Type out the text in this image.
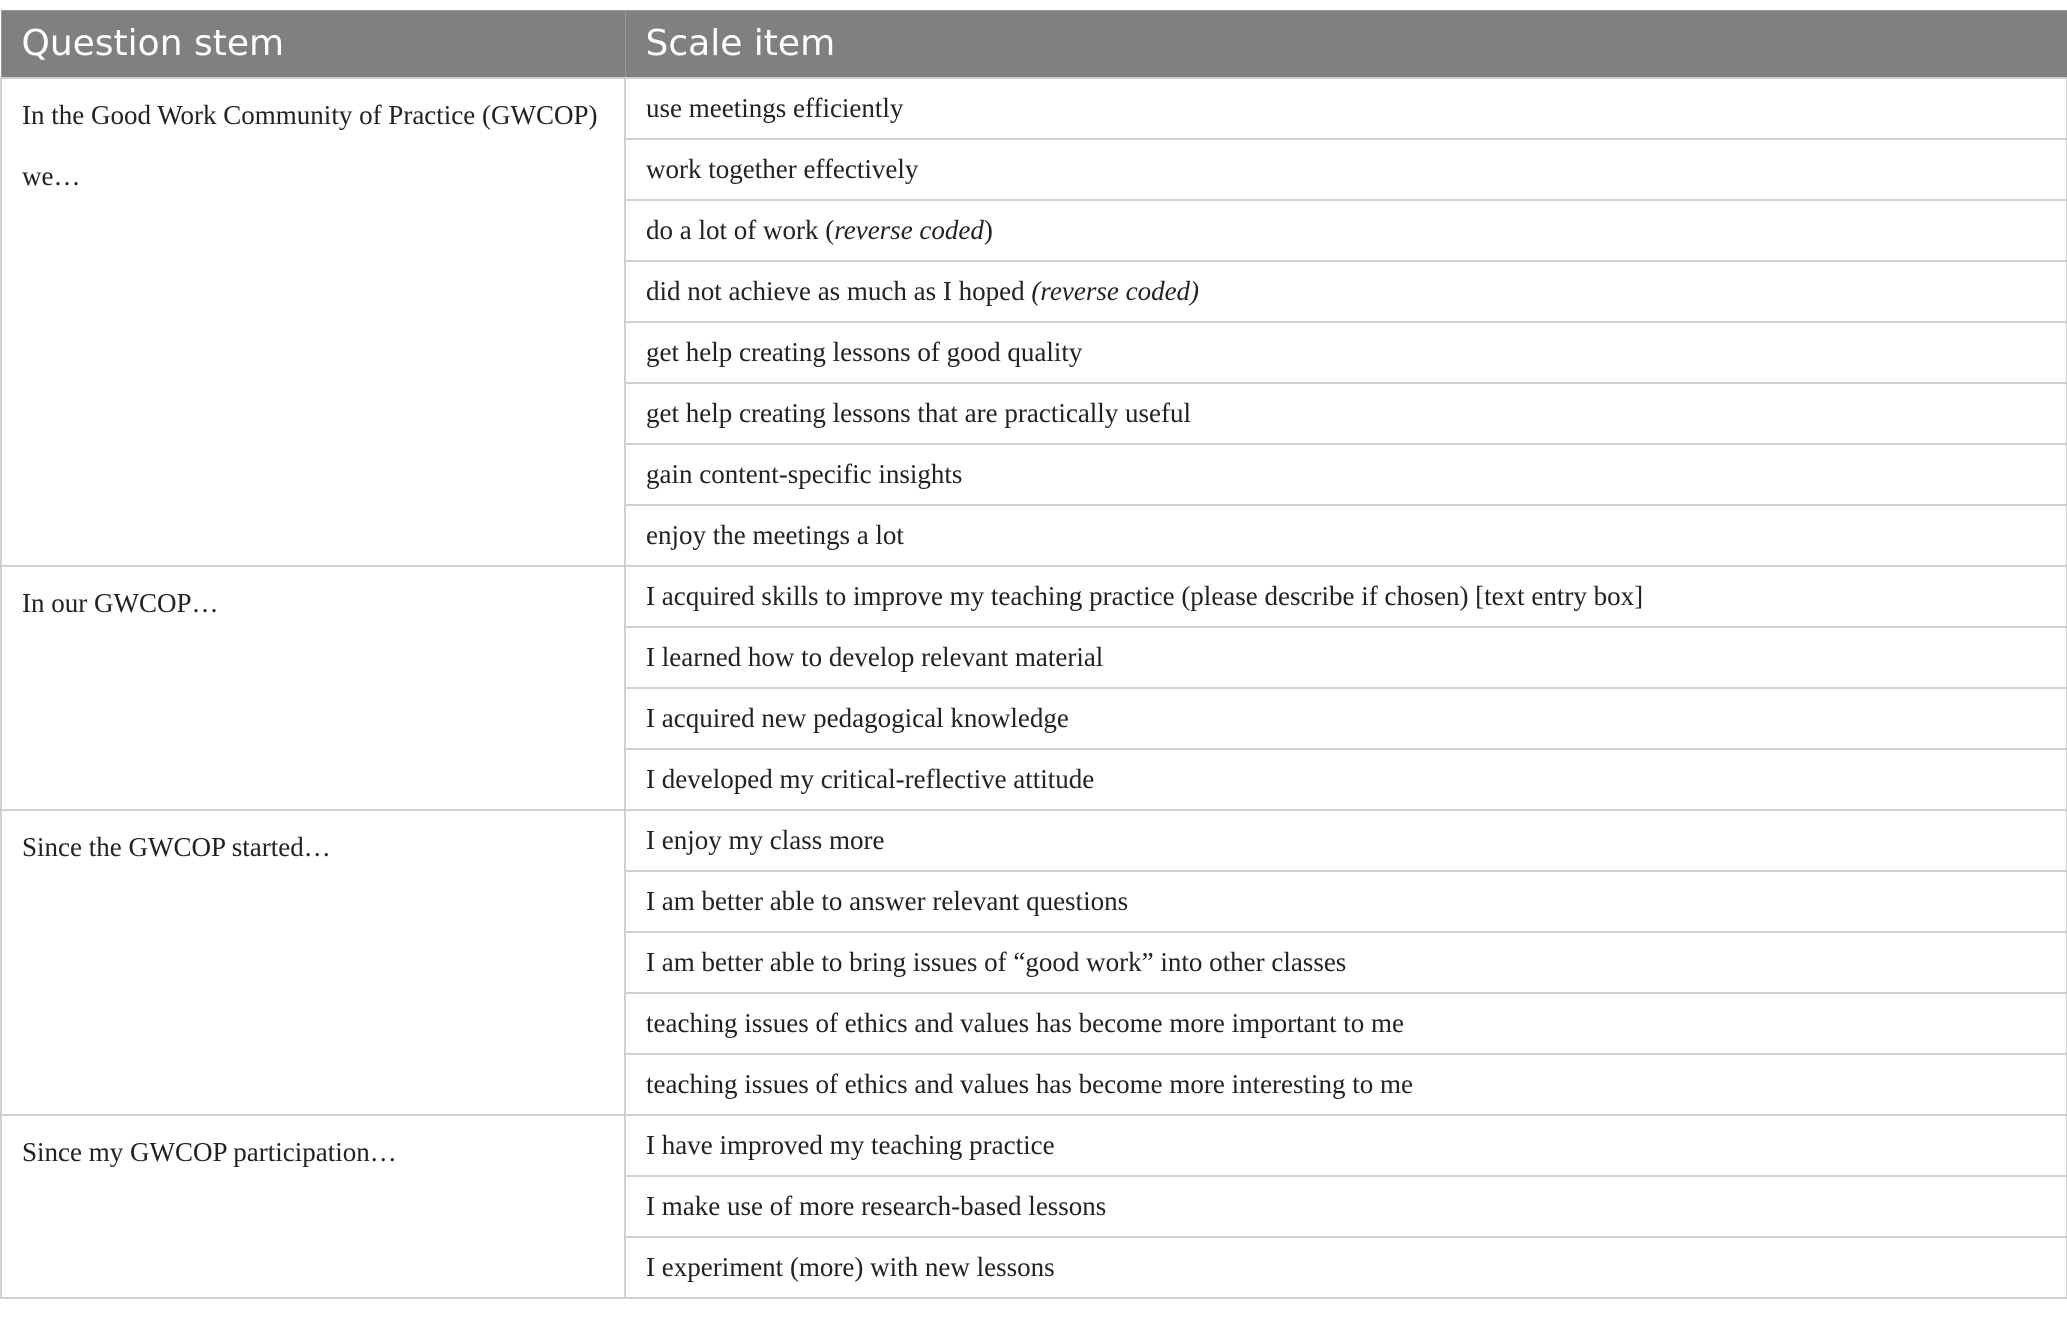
Question stem	Scale item
In the Good Work Community of Practice (GWCOP) we…	use meetings efficiently
	work together effectively
	do a lot of work (reverse coded)
	did not achieve as much as I hoped (reverse coded)
	get help creating lessons of good quality
	get help creating lessons that are practically useful
	gain content-specific insights
	enjoy the meetings a lot
In our GWCOP…	I acquired skills to improve my teaching practice (please describe if chosen) [text entry box]
	I learned how to develop relevant material
	I acquired new pedagogical knowledge
	I developed my critical-reflective attitude
Since the GWCOP started…	I enjoy my class more
	I am better able to answer relevant questions
	I am better able to bring issues of “good work” into other classes
	teaching issues of ethics and values has become more important to me
	teaching issues of ethics and values has become more interesting to me
Since my GWCOP participation…	I have improved my teaching practice
	I make use of more research-based lessons
	I experiment (more) with new lessons
